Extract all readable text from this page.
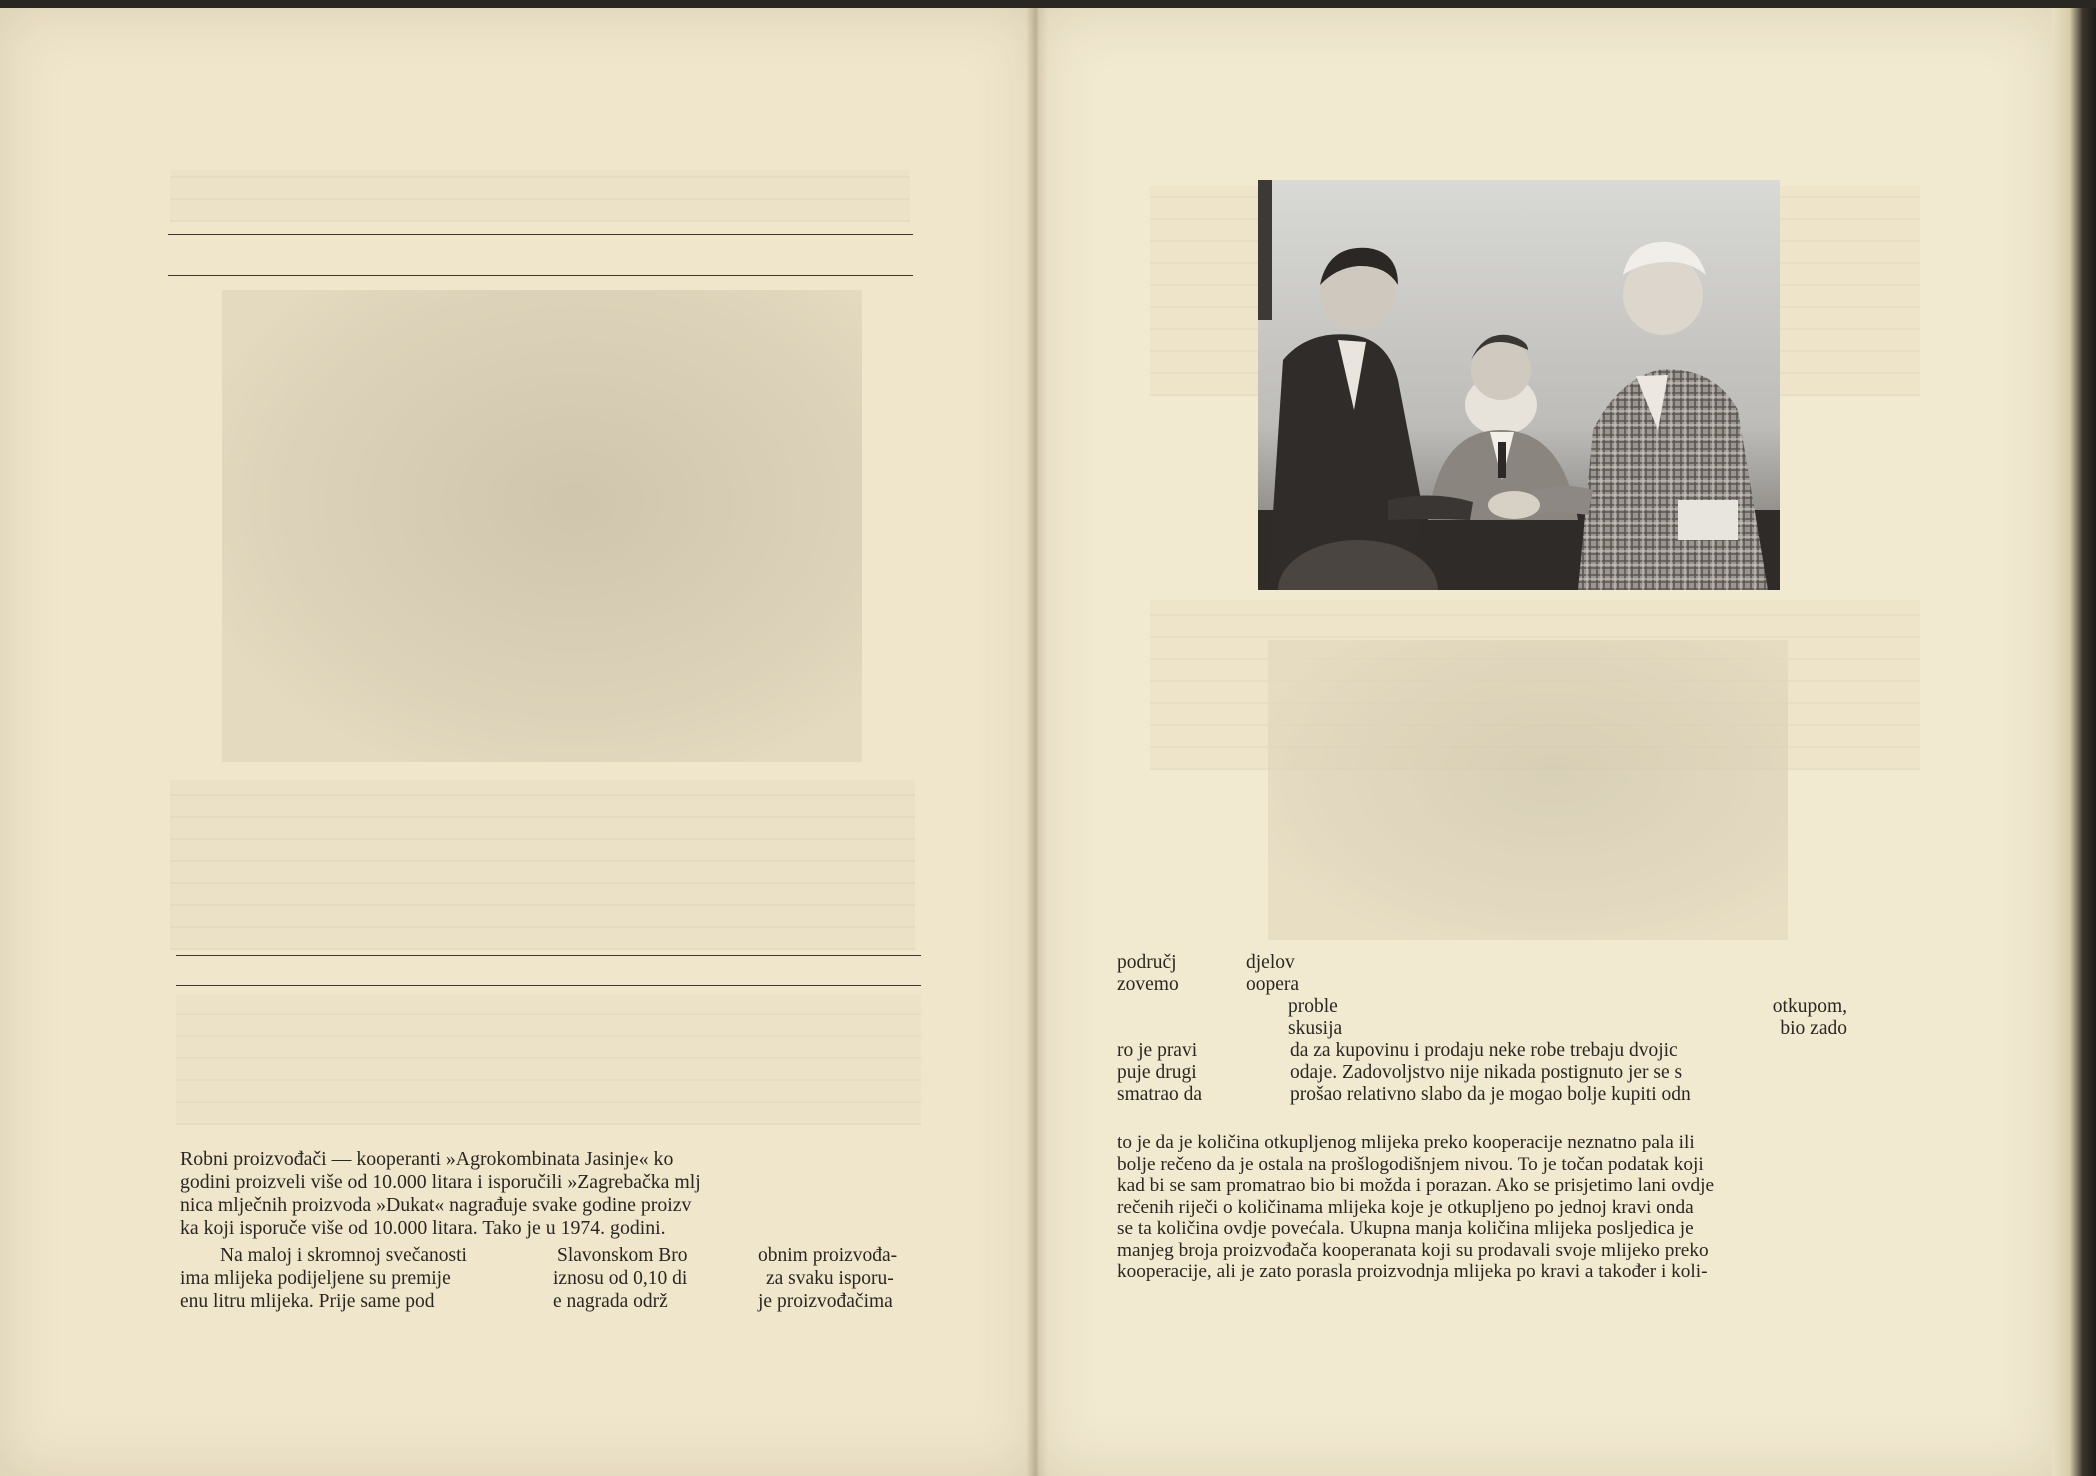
Robni proizvođači — kooperanti »Agrokombinata Jasinje« ko
godini proizveli više od 10.000 litara i isporučili »Zagrebačka mlj
nica mlječnih proizvoda »Dukat« nagrađuje svake godine proizv
ka koji isporuče više od 10.000 litara. Tako je u 1974. godini.
Na maloj i skromnoj svečanosti
ima mlijeka podijeljene su premije
enu litru mlijeka. Prije same pod
Slavonskom Bro
iznosu od 0,10 di
e nagrada održ
obnim proizvođa-
za svaku isporu-
je proizvođačima
područj
zovemo

ro je pravi
puje drugi
smatrao da
djelov
oopera
proble
skusija
da za kupovinu i prodaju neke robe trebaju dvojic
odaje. Zadovoljstvo nije nikada postignuto jer se s
prošao relativno slabo da je mogao bolje kupiti odn
otkupom,
bio zado
to je da je količina otkupljenog mlijeka preko kooperacije neznatno pala ili
bolje rečeno da je ostala na prošlogodišnjem nivou. To je točan podatak koji
kad bi se sam promatrao bio bi možda i porazan. Ako se prisjetimo lani ovdje
rečenih riječi o količinama mlijeka koje je otkupljeno po jednoj kravi onda
se ta količina ovdje povećala. Ukupna manja količina mlijeka posljedica je
manjeg broja proizvođača kooperanata koji su prodavali svoje mlijeko preko
kooperacije, ali je zato porasla proizvodnja mlijeka po kravi a također i koli-
